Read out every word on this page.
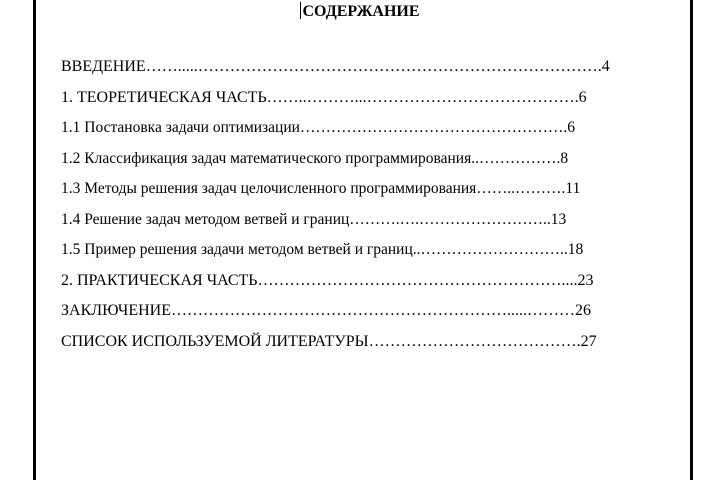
СОДЕРЖАНИЕ
ВВЕДЕНИЕ…….....………………………………………………………………….4
1. ТЕОРЕТИЧЕСКАЯ ЧАСТЬ……..………...………………………………….6
1.1 Постановка задачи оптимизации…………………………………………….6
1.2 Классификация задач математического программирования..…………….8
1.3 Методы решения задач целочисленного программирования……..……….11
1.4 Решение задач методом ветвей и границ……….….……………………..13
1.5 Пример решения задачи методом ветвей и границ..………………………..18
2. ПРАКТИЧЕСКАЯ ЧАСТЬ…………………………………………………....23
ЗАКЛЮЧЕНИЕ……………………………………………………….....………26
СПИСОК ИСПОЛЬЗУЕМОЙ ЛИТЕРАТУРЫ………………………………….27
